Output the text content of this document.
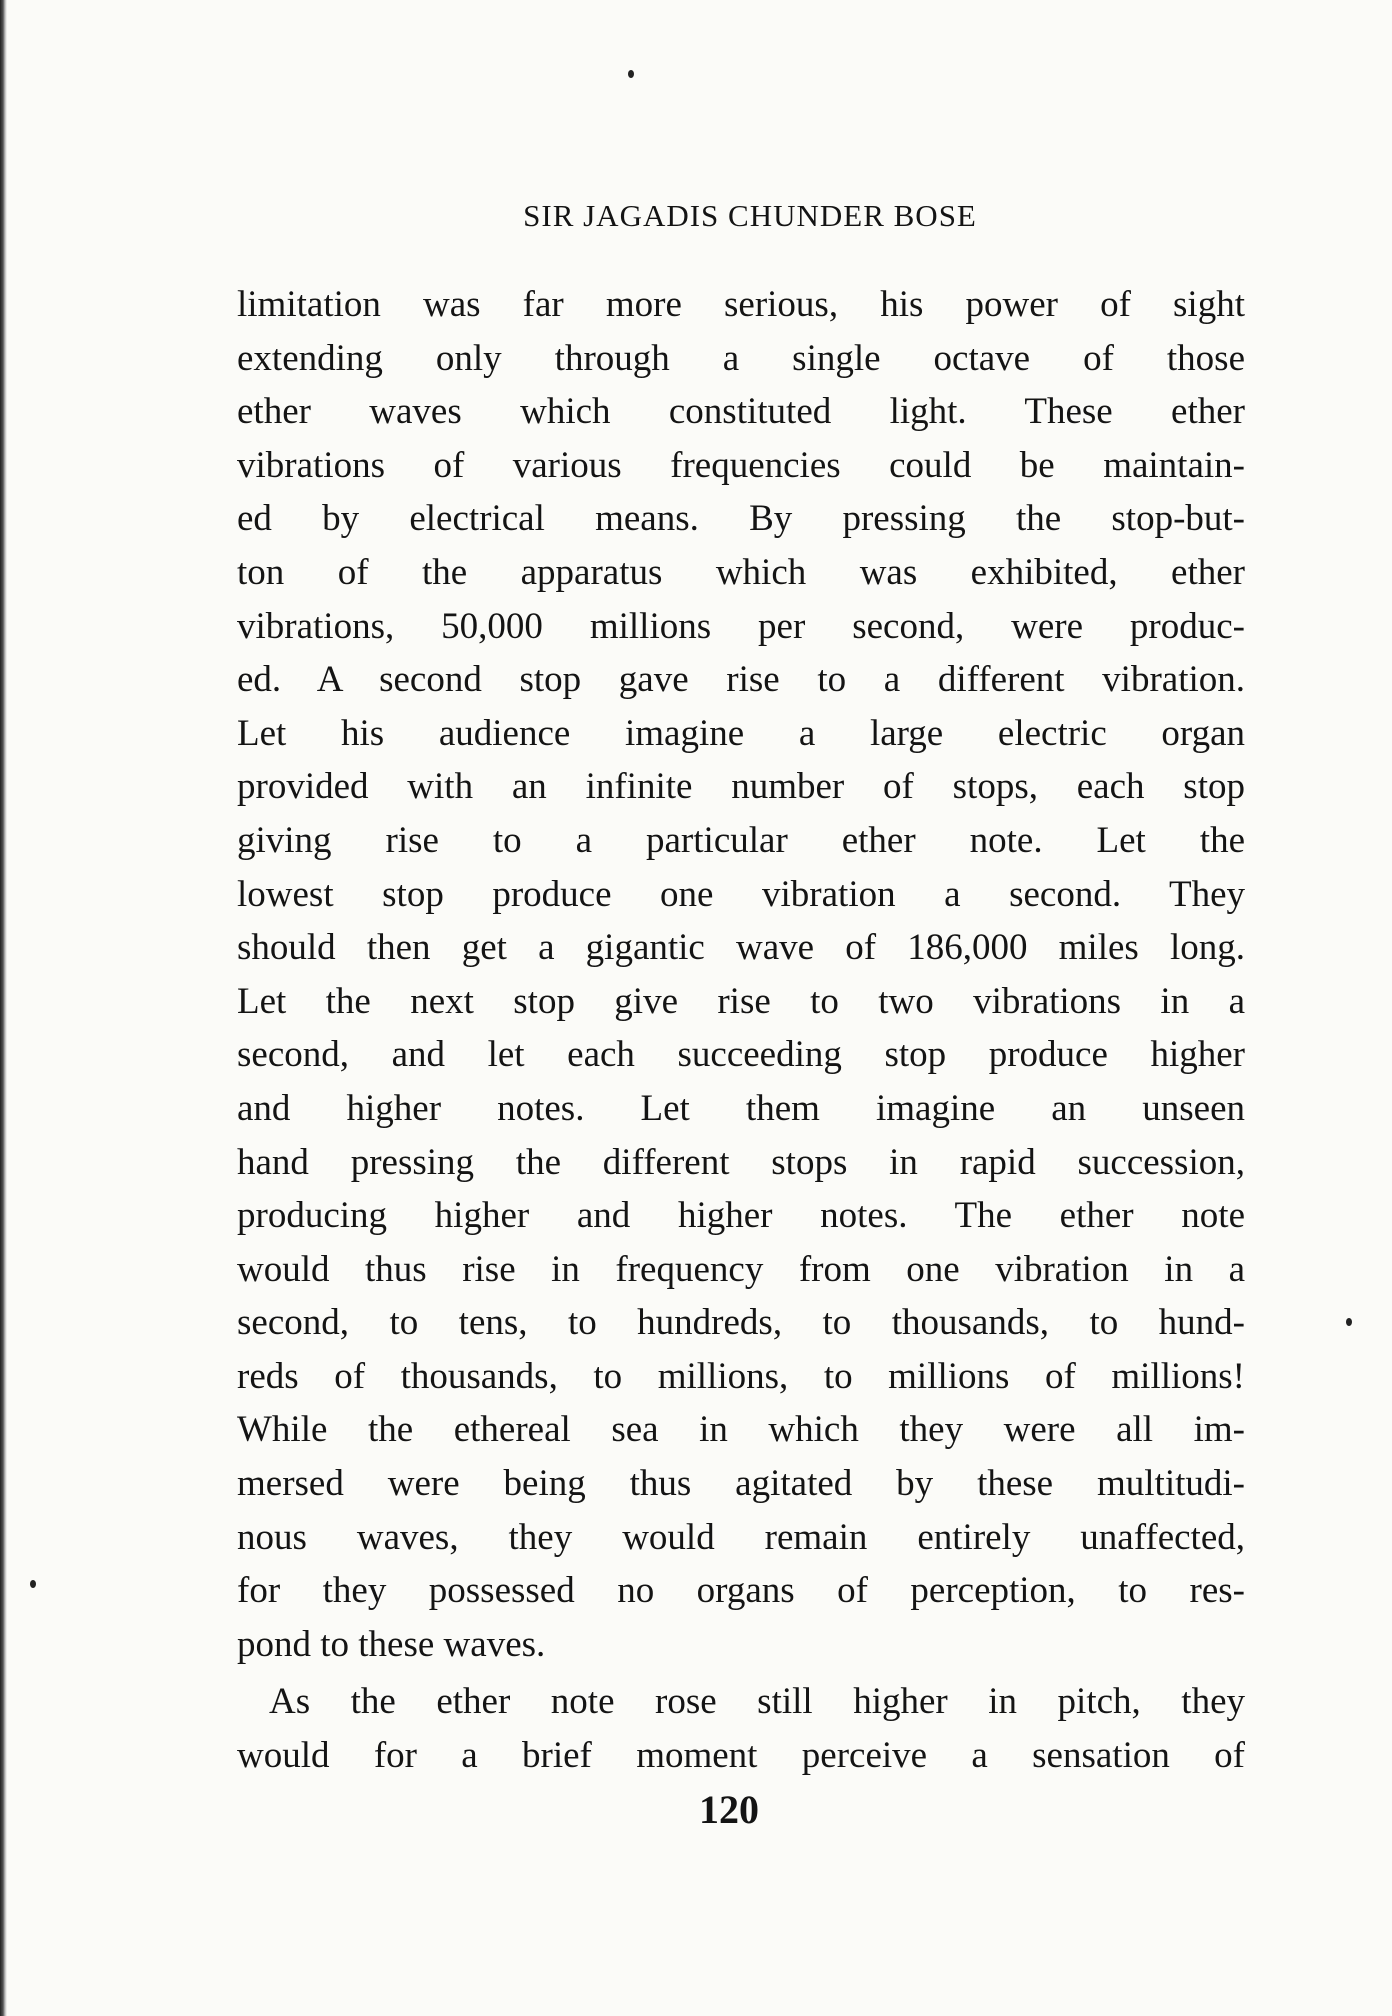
SIR JAGADIS CHUNDER BOSE
limitation was far more serious, his power of sight
extending only through a single octave of those
ether waves which constituted light. These ether
vibrations of various frequencies could be maintain-
ed by electrical means. By pressing the stop-but-
ton of the apparatus which was exhibited, ether
vibrations, 50,000 millions per second, were produc-
ed. A second stop gave rise to a different vibration.
Let his audience imagine a large electric organ
provided with an infinite number of stops, each stop
giving rise to a particular ether note. Let the
lowest stop produce one vibration a second. They
should then get a gigantic wave of 186,000 miles long.
Let the next stop give rise to two vibrations in a
second, and let each succeeding stop produce higher
and higher notes. Let them imagine an unseen
hand pressing the different stops in rapid succession,
producing higher and higher notes. The ether note
would thus rise in frequency from one vibration in a
second, to tens, to hundreds, to thousands, to hund-
reds of thousands, to millions, to millions of millions!
While the ethereal sea in which they were all im-
mersed were being thus agitated by these multitudi-
nous waves, they would remain entirely unaffected,
for they possessed no organs of perception, to res-
pond to these waves.
As the ether note rose still higher in pitch, they
would for a brief moment perceive a sensation of
120
